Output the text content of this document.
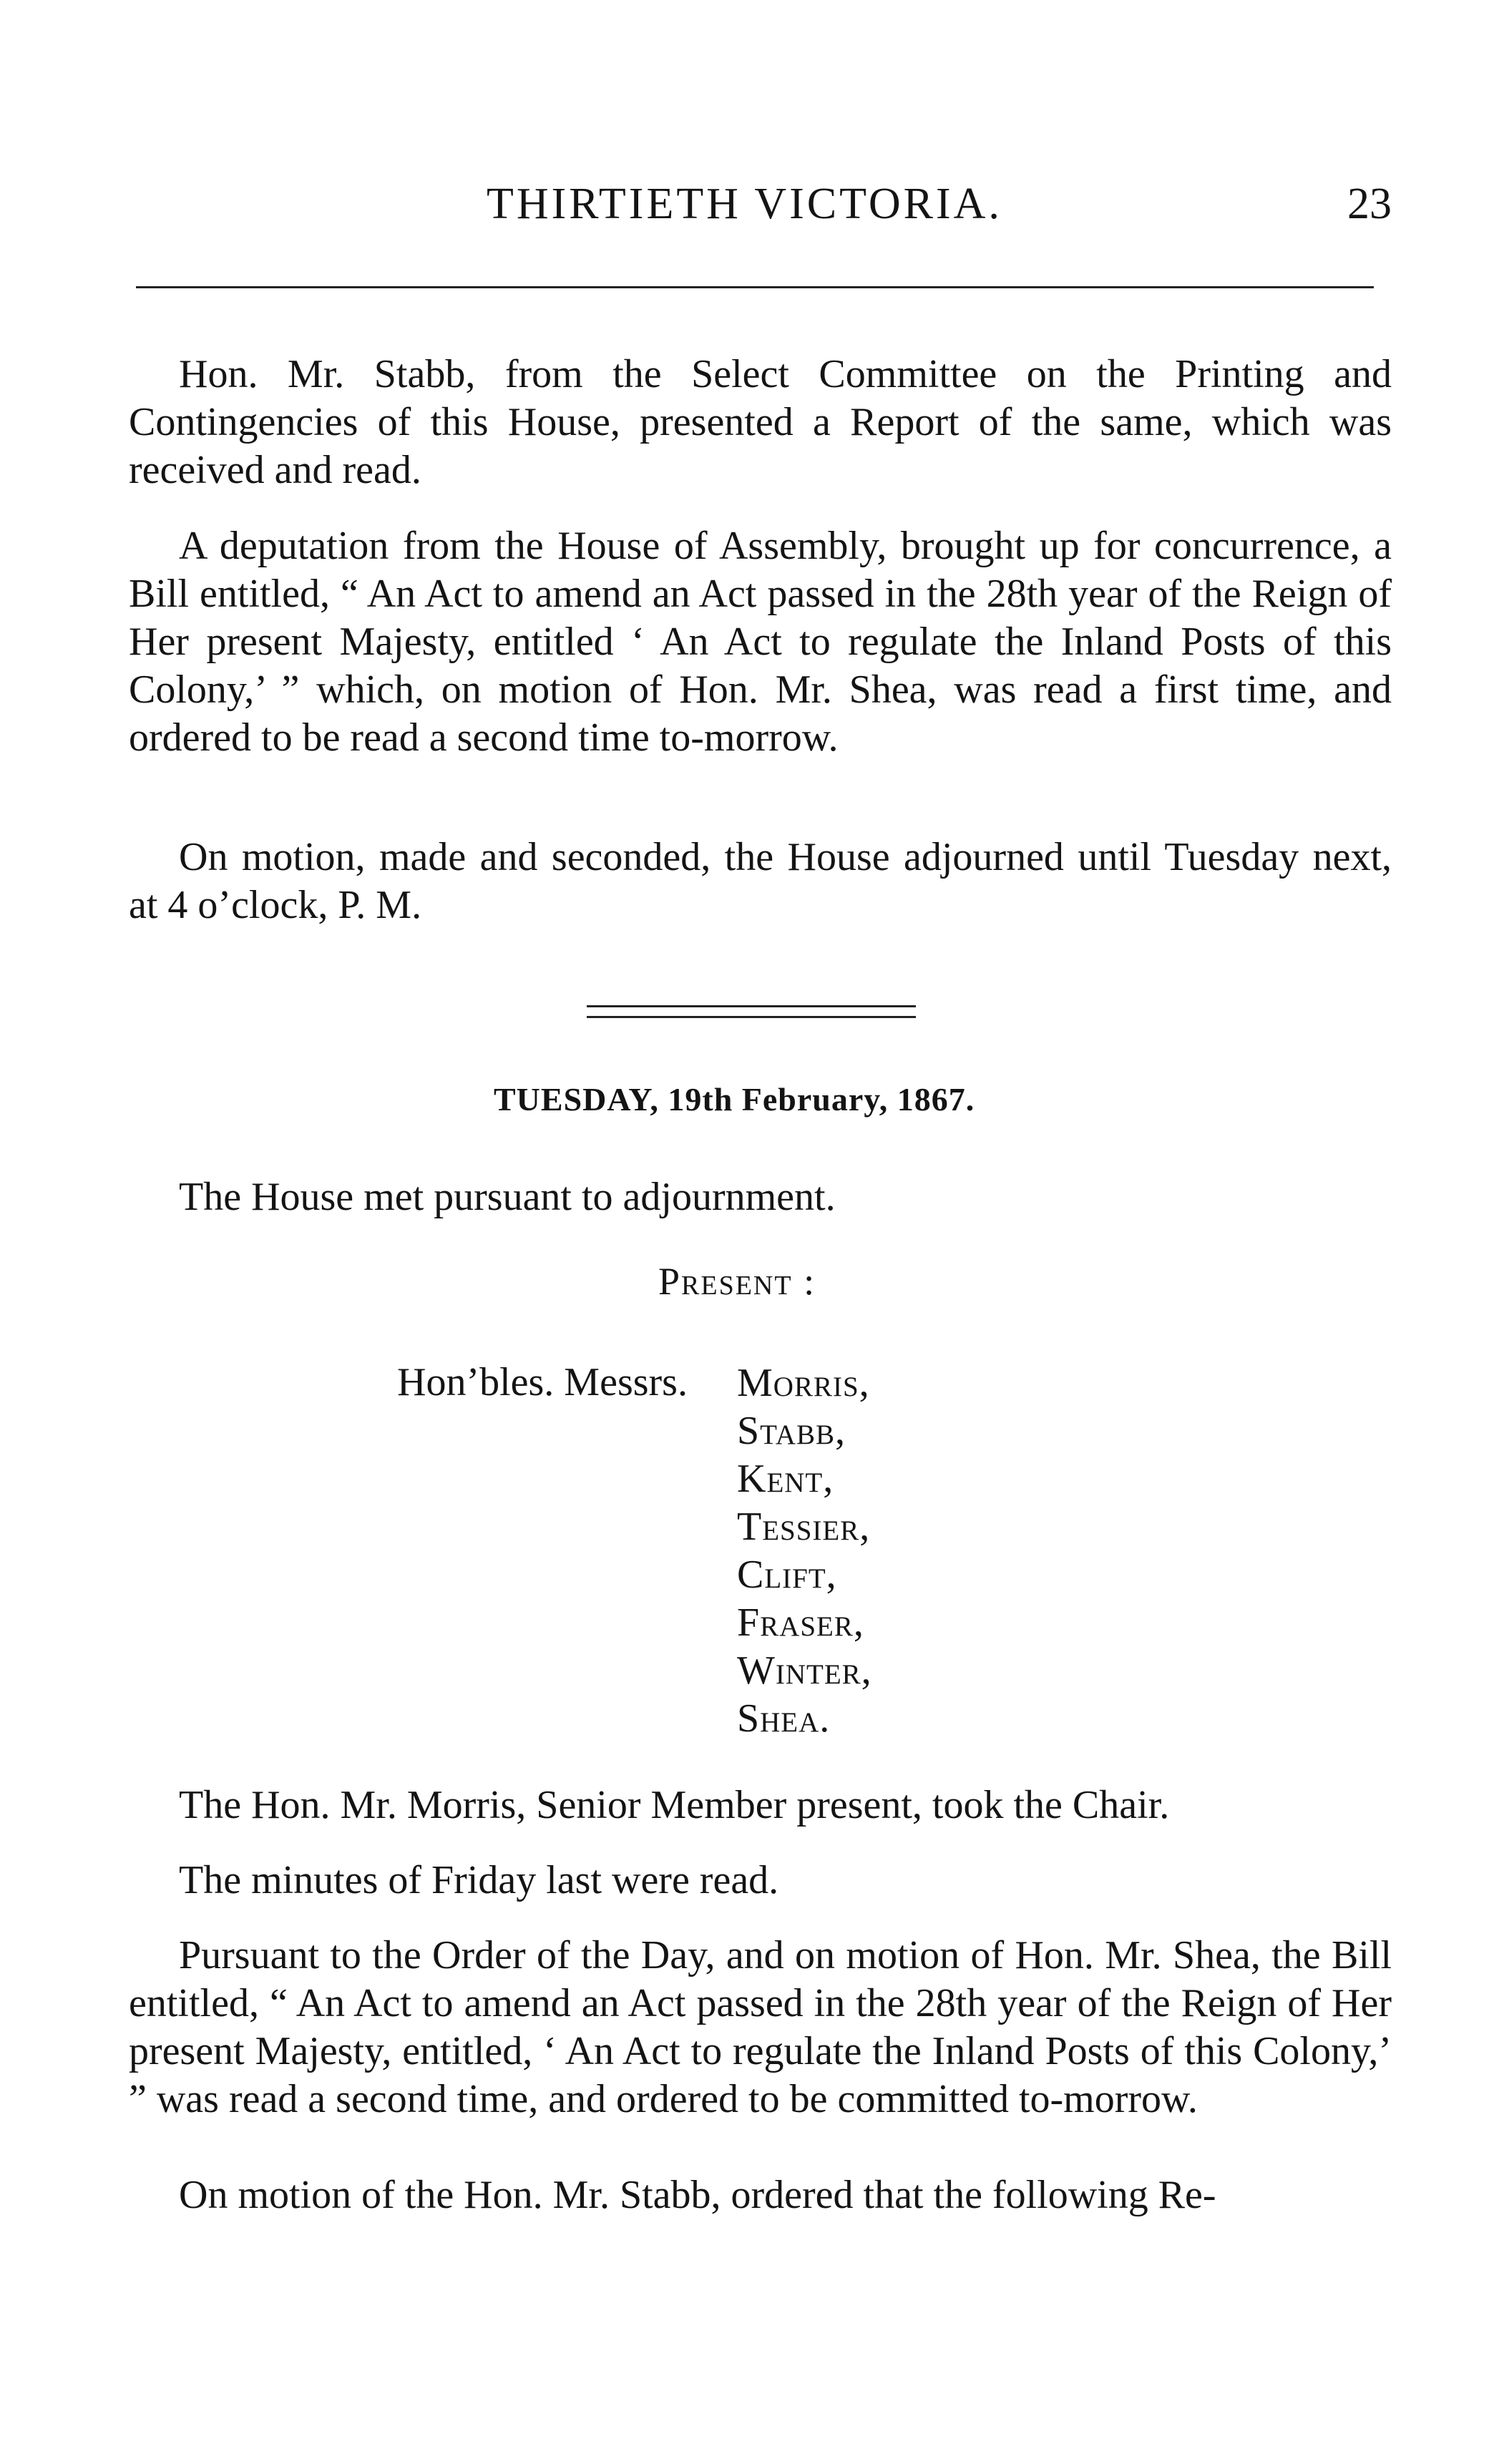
THIRTIETH VICTORIA.	23

Hon. Mr. Stabb, from the Select Committee on the Printing and Contingencies of this House, presented a Report of the same, which was received and read.

A deputation from the House of Assembly, brought up for concurrence, a Bill entitled, “ An Act to amend an Act passed in the 28th year of the Reign of Her present Majesty, entitled ‘ An Act to regulate the Inland Posts of this Colony,’ ” which, on motion of Hon. Mr. Shea, was read a first time, and ordered to be read a second time to-morrow.

On motion, made and seconded, the House adjourned until Tuesday next, at 4 o’clock, P. M.

TUESDAY, 19th February, 1867.

The House met pursuant to adjournment.

Present :
Hon’bles. Messrs. Morris,
Stabb,
Kent,
Tessier,
Clift,
Fraser,
Winter,
Shea.

The Hon. Mr. Morris, Senior Member present, took the Chair.

The minutes of Friday last were read.

Pursuant to the Order of the Day, and on motion of Hon. Mr. Shea, the Bill entitled, “ An Act to amend an Act passed in the 28th year of the Reign of Her present Majesty, entitled, ‘ An Act to regulate the Inland Posts of this Colony,’ ” was read a second time, and ordered to be committed to-morrow.

On motion of the Hon. Mr. Stabb, ordered that the following Re-
